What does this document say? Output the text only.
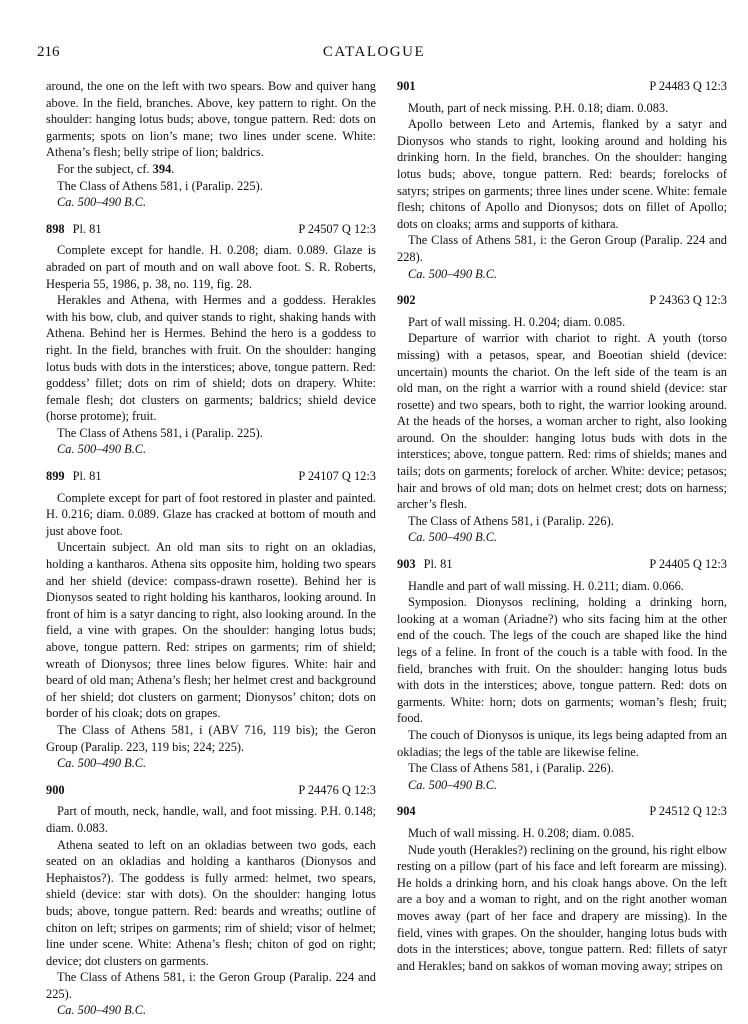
216	CATALOGUE

around, the one on the left with two spears. Bow and quiver hang above. In the field, branches. Above, key pattern to right. On the shoulder: hanging lotus buds; above, tongue pattern. Red: dots on garments; spots on lion’s mane; two lines under scene. White: Athena’s flesh; belly stripe of lion; baldrics.

For the subject, cf. 394.

The Class of Athens 581, i (Paralip. 225).

Ca. 500–490 B.C.

898 Pl. 81	P 24507 Q 12:3

Complete except for handle. H. 0.208; diam. 0.089. Glaze is abraded on part of mouth and on wall above foot. S. R. Roberts, Hesperia 55, 1986, p. 38, no. 119, fig. 28.

Herakles and Athena, with Hermes and a goddess. Herakles with his bow, club, and quiver stands to right, shaking hands with Athena. Behind her is Hermes. Behind the hero is a goddess to right. In the field, branches with fruit. On the shoulder: hanging lotus buds with dots in the interstices; above, tongue pattern. Red: goddess’ fillet; dots on rim of shield; dots on drapery. White: female flesh; dot clusters on garments; baldrics; shield device (horse protome); fruit.

The Class of Athens 581, i (Paralip. 225).

Ca. 500–490 B.C.

899 Pl. 81	P 24107 Q 12:3

Complete except for part of foot restored in plaster and painted. H. 0.216; diam. 0.089. Glaze has cracked at bottom of mouth and just above foot.

Uncertain subject. An old man sits to right on an okladias, holding a kantharos. Athena sits opposite him, holding two spears and her shield (device: compass-drawn rosette). Behind her is Dionysos seated to right holding his kantharos, looking around. In front of him is a satyr dancing to right, also looking around. In the field, a vine with grapes. On the shoulder: hanging lotus buds; above, tongue pattern. Red: stripes on garments; rim of shield; wreath of Dionysos; three lines below figures. White: hair and beard of old man; Athena’s flesh; her helmet crest and background of her shield; dot clusters on garment; Dionysos’ chiton; dots on border of his cloak; dots on grapes.

The Class of Athens 581, i (ABV 716, 119 bis); the Geron Group (Paralip. 223, 119 bis; 224; 225).

Ca. 500–490 B.C.

900	P 24476 Q 12:3

Part of mouth, neck, handle, wall, and foot missing. P.H. 0.148; diam. 0.083.

Athena seated to left on an okladias between two gods, each seated on an okladias and holding a kantharos (Dionysos and Hephaistos?). The goddess is fully armed: helmet, two spears, shield (device: star with dots). On the shoulder: hanging lotus buds; above, tongue pattern. Red: beards and wreaths; outline of chiton on left; stripes on garments; rim of shield; visor of helmet; line under scene. White: Athena’s flesh; chiton of god on right; device; dot clusters on garments.

The Class of Athens 581, i: the Geron Group (Paralip. 224 and 225).

Ca. 500–490 B.C.

901	P 24483 Q 12:3

Mouth, part of neck missing. P.H. 0.18; diam. 0.083.

Apollo between Leto and Artemis, flanked by a satyr and Dionysos who stands to right, looking around and holding his drinking horn. In the field, branches. On the shoulder: hanging lotus buds; above, tongue pattern. Red: beards; forelocks of satyrs; stripes on garments; three lines under scene. White: female flesh; chitons of Apollo and Dionysos; dots on fillet of Apollo; dots on cloaks; arms and supports of kithara.

The Class of Athens 581, i: the Geron Group (Paralip. 224 and 228).

Ca. 500–490 B.C.

902	P 24363 Q 12:3

Part of wall missing. H. 0.204; diam. 0.085.

Departure of warrior with chariot to right. A youth (torso missing) with a petasos, spear, and Boeotian shield (device: uncertain) mounts the chariot. On the left side of the team is an old man, on the right a warrior with a round shield (device: star rosette) and two spears, both to right, the warrior looking around. At the heads of the horses, a woman archer to right, also looking around. On the shoulder: hanging lotus buds with dots in the interstices; above, tongue pattern. Red: rims of shields; manes and tails; dots on garments; forelock of archer. White: device; petasos; hair and brows of old man; dots on helmet crest; dots on harness; archer’s flesh.

The Class of Athens 581, i (Paralip. 226).

Ca. 500–490 B.C.

903 Pl. 81	P 24405 Q 12:3

Handle and part of wall missing. H. 0.211; diam. 0.066.

Symposion. Dionysos reclining, holding a drinking horn, looking at a woman (Ariadne?) who sits facing him at the other end of the couch. The legs of the couch are shaped like the hind legs of a feline. In front of the couch is a table with food. In the field, branches with fruit. On the shoulder: hanging lotus buds with dots in the interstices; above, tongue pattern. Red: dots on garments. White: horn; dots on garments; woman’s flesh; fruit; food.

The couch of Dionysos is unique, its legs being adapted from an okladias; the legs of the table are likewise feline.

The Class of Athens 581, i (Paralip. 226).

Ca. 500–490 B.C.

904	P 24512 Q 12:3

Much of wall missing. H. 0.208; diam. 0.085.

Nude youth (Herakles?) reclining on the ground, his right elbow resting on a pillow (part of his face and left forearm are missing). He holds a drinking horn, and his cloak hangs above. On the left are a boy and a woman to right, and on the right another woman moves away (part of her face and drapery are missing). In the field, vines with grapes. On the shoulder, hanging lotus buds with dots in the interstices; above, tongue pattern. Red: fillets of satyr and Herakles; band on sakkos of woman moving away; stripes on
